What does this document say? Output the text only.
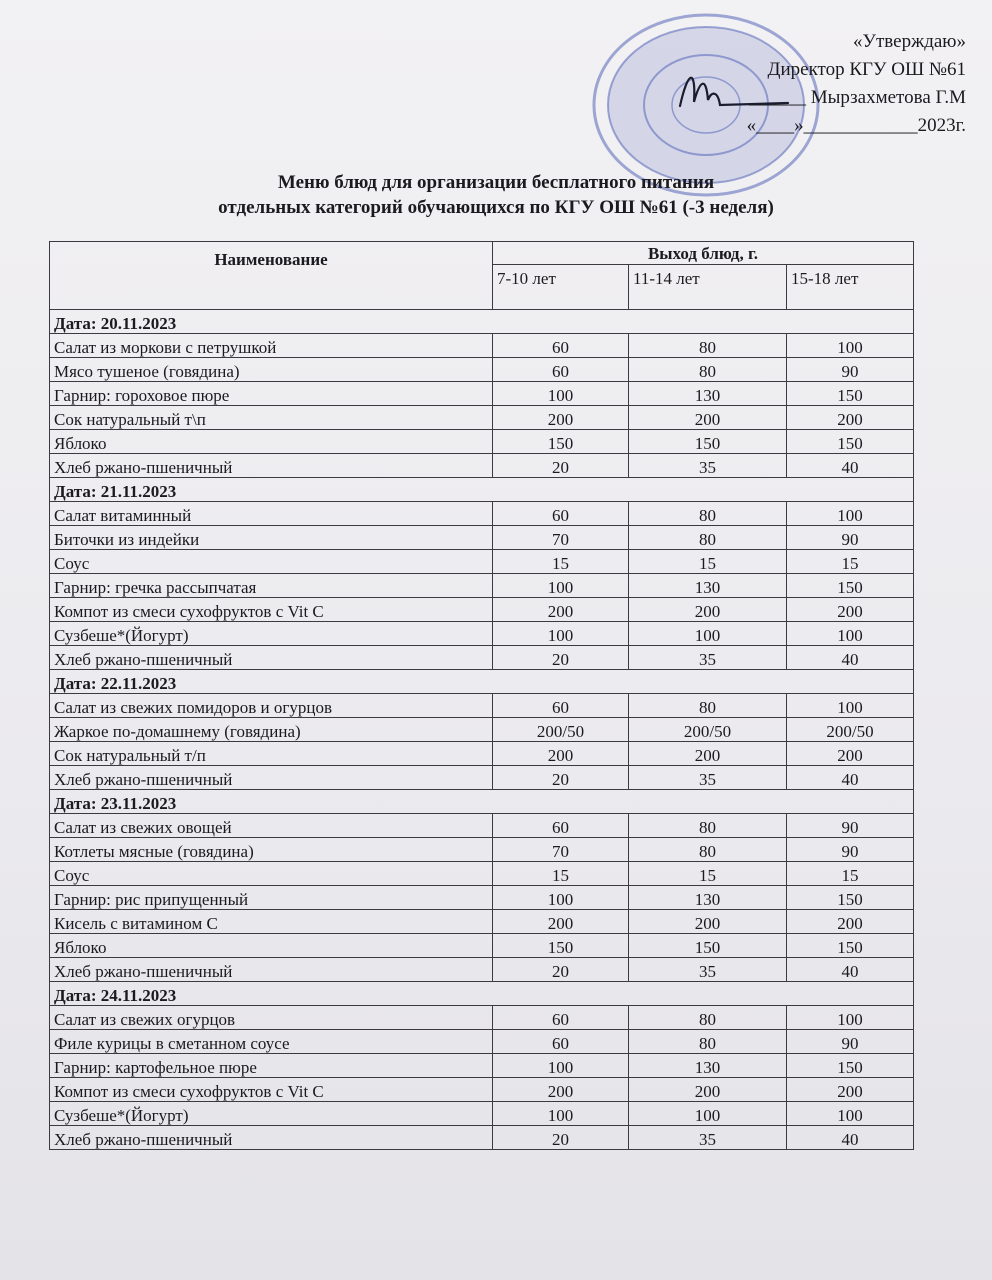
«Утверждаю»
Директор КГУ ОШ №61
______ Мырзахметова Г.М
«____»____________2023г.
Меню блюд для организации бесплатного питания
отдельных категорий обучающихся по КГУ ОШ №61 (-3 неделя)
Наименование	Выход блюд, г.		
	7-10 лет	11-14 лет	15-18 лет
Дата: 20.11.2023			
Салат из моркови с петрушкой	60	80	100
Мясо тушеное (говядина)	60	80	90
Гарнир: гороховое пюре	100	130	150
Сок натуральный т\п	200	200	200
Яблоко	150	150	150
Хлеб ржано-пшеничный	20	35	40
Дата: 21.11.2023			
Салат витаминный	60	80	100
Биточки из индейки	70	80	90
Соус	15	15	15
Гарнир: гречка рассыпчатая	100	130	150
Компот из смеси сухофруктов с Vit C	200	200	200
Сузбеше*(Йогурт)	100	100	100
Хлеб ржано-пшеничный	20	35	40
Дата: 22.11.2023			
Салат из свежих помидоров и огурцов	60	80	100
Жаркое по-домашнему (говядина)	200/50	200/50	200/50
Сок натуральный т/п	200	200	200
Хлеб ржано-пшеничный	20	35	40
Дата: 23.11.2023			
Салат из свежих овощей	60	80	90
Котлеты мясные (говядина)	70	80	90
Соус	15	15	15
Гарнир: рис припущенный	100	130	150
Кисель с витамином С	200	200	200
Яблоко	150	150	150
Хлеб ржано-пшеничный	20	35	40
Дата: 24.11.2023			
Салат из свежих огурцов	60	80	100
Филе курицы в сметанном соусе	60	80	90
Гарнир: картофельное пюре	100	130	150
Компот из смеси сухофруктов с Vit C	200	200	200
Сузбеше*(Йогурт)	100	100	100
Хлеб ржано-пшеничный	20	35	40
